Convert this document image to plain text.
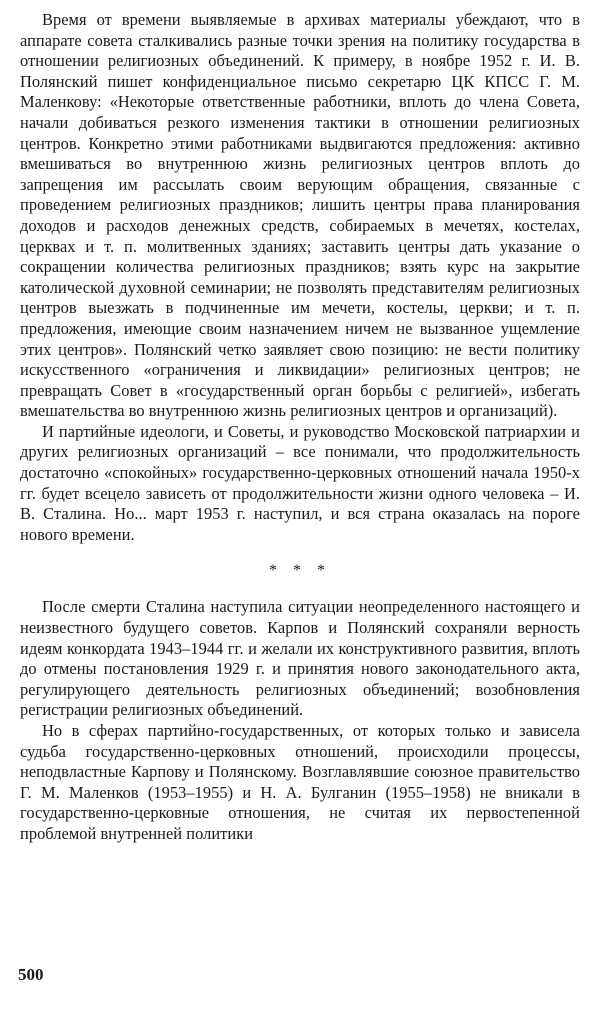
Время от времени выявляемые в архивах материалы убеждают, что в аппарате совета сталкивались разные точки зрения на политику государства в отношении религиозных объединений. К примеру, в ноябре 1952 г. И. В. Полянский пишет конфиденциальное письмо секретарю ЦК КПСС Г. М. Маленкову: «Некоторые ответственные работники, вплоть до члена Совета, начали добиваться резкого изменения тактики в отношении религиозных центров. Конкретно этими работниками выдвигаются предложения: активно вмешиваться во внутреннюю жизнь религиозных центров вплоть до запрещения им рассылать своим верующим обращения, связанные с проведением религиозных праздников; лишить центры права планирования доходов и расходов денежных средств, собираемых в мечетях, костелах, церквах и т. п. молитвенных зданиях; заставить центры дать указание о сокращении количества религиозных праздников; взять курс на закрытие католической духовной семинарии; не позволять представителям религиозных центров выезжать в подчиненные им мечети, костелы, церкви; и т. п. предложения, имеющие своим назначением ничем не вызванное ущемление этих центров». Полянский четко заявляет свою позицию: не вести политику искусственного «ограничения и ликвидации» религиозных центров; не превращать Совет в «государственный орган борьбы с религией», избегать вмешательства во внутреннюю жизнь религиозных центров и организаций).

И партийные идеологи, и Советы, и руководство Московской патриархии и других религиозных организаций – все понимали, что продолжительность достаточно «спокойных» государственно-церковных отношений начала 1950-х гг. будет всецело зависеть от продолжительности жизни одного человека – И. В. Сталина. Но... март 1953 г. наступил, и вся страна оказалась на пороге нового времени.

* * *

После смерти Сталина наступила ситуации неопределенного настоящего и неизвестного будущего советов. Карпов и Полянский сохраняли верность идеям конкордата 1943–1944 гг. и желали их конструктивного развития, вплоть до отмены постановления 1929 г. и принятия нового законодательного акта, регулирующего деятельность религиозных объединений; возобновления регистрации религиозных объединений.

Но в сферах партийно-государственных, от которых только и зависела судьба государственно-церковных отношений, происходили процессы, неподвластные Карпову и Полянскому. Возглавлявшие союзное правительство Г. М. Маленков (1953–1955) и Н. А. Булганин (1955–1958) не вникали в государственно-церковные отношения, не считая их первостепенной проблемой внутренней политики

500
